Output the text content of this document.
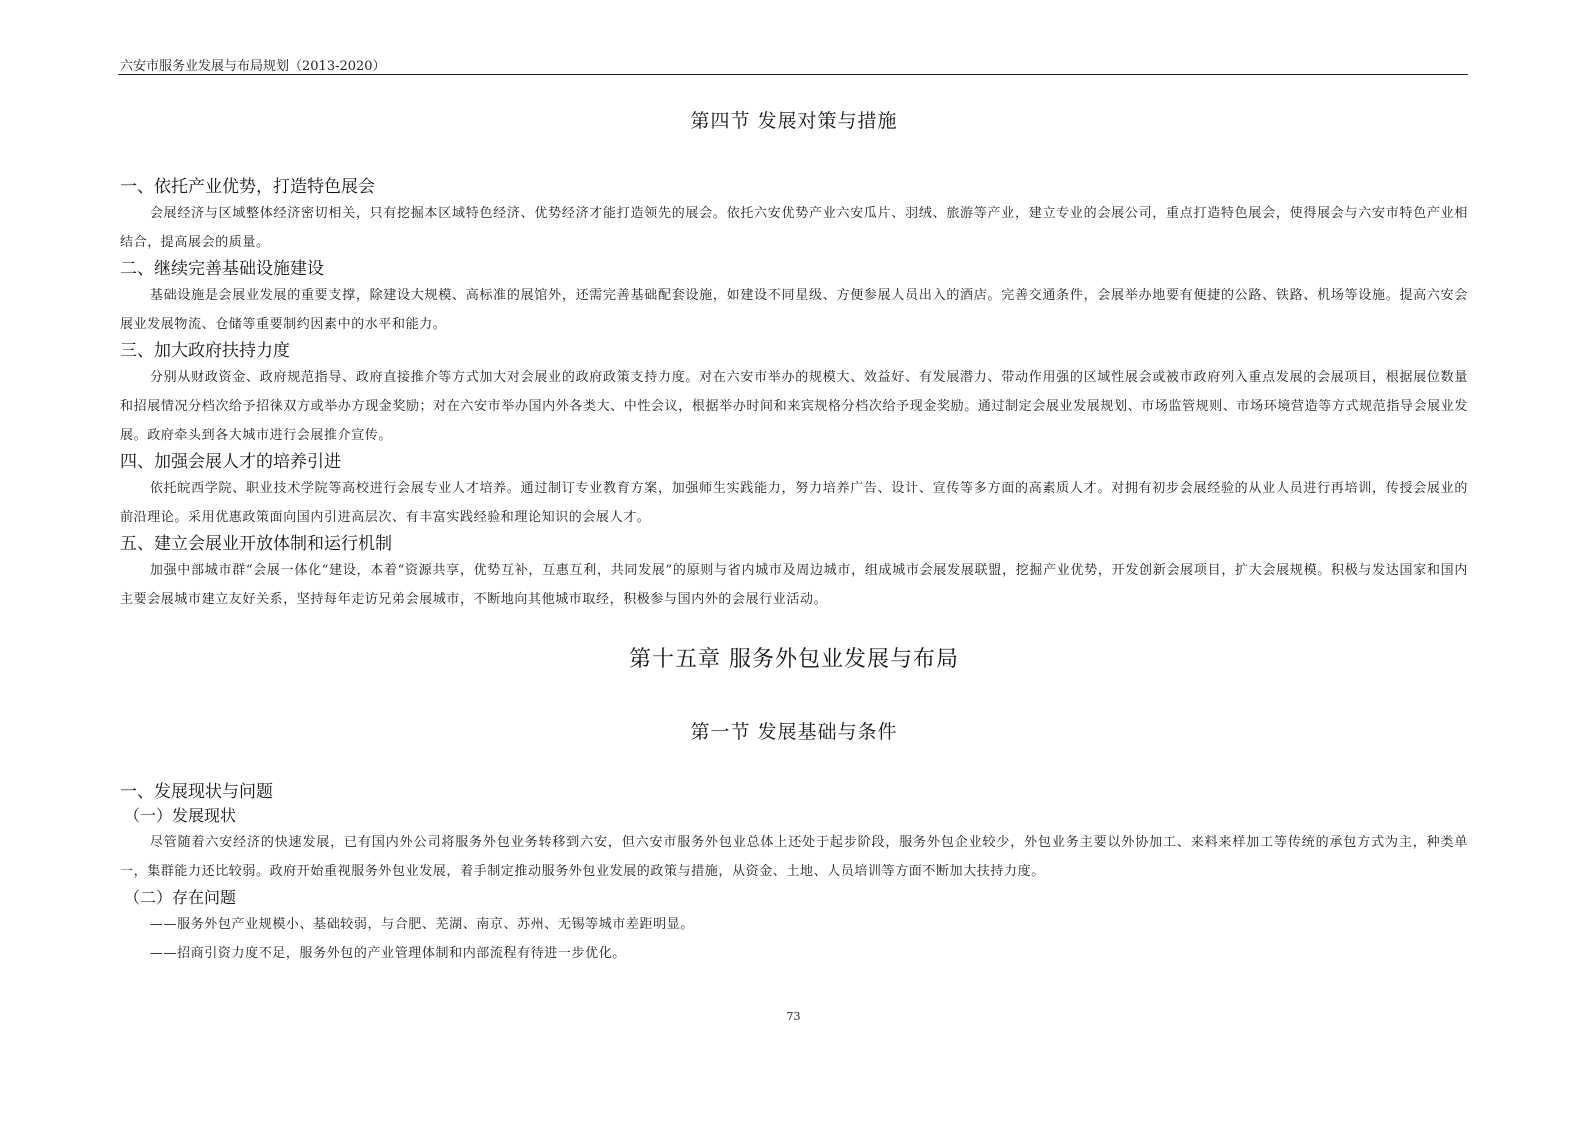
六安市服务业发展与布局规划（2013-2020）
第四节 发展对策与措施
一、依托产业优势，打造特色展会
会展经济与区域整体经济密切相关，只有挖掘本区域特色经济、优势经济才能打造领先的展会。依托六安优势产业六安瓜片、羽绒、旅游等产业，建立专业的会展公司，重点打造特色展会，使得展会与六安市特色产业相结合，提高展会的质量。
二、继续完善基础设施建设
基础设施是会展业发展的重要支撑，除建设大规模、高标准的展馆外，还需完善基础配套设施，如建设不同星级、方便参展人员出入的酒店。完善交通条件，会展举办地要有便捷的公路、铁路、机场等设施。提高六安会展业发展物流、仓储等重要制约因素中的水平和能力。
三、加大政府扶持力度
分别从财政资金、政府规范指导、政府直接推介等方式加大对会展业的政府政策支持力度。对在六安市举办的规模大、效益好、有发展潜力、带动作用强的区域性展会或被市政府列入重点发展的会展项目，根据展位数量和招展情况分档次给予招徕双方或举办方现金奖励；对在六安市举办国内外各类大、中性会议，根据举办时间和来宾规格分档次给予现金奖励。通过制定会展业发展规划、市场监管规则、市场环境营造等方式规范指导会展业发展。政府牵头到各大城市进行会展推介宣传。
四、加强会展人才的培养引进
依托皖西学院、职业技术学院等高校进行会展专业人才培养。通过制订专业教育方案，加强师生实践能力，努力培养广告、设计、宣传等多方面的高素质人才。对拥有初步会展经验的从业人员进行再培训，传授会展业的前沿理论。采用优惠政策面向国内引进高层次、有丰富实践经验和理论知识的会展人才。
五、建立会展业开放体制和运行机制
加强中部城市群“会展一体化“建设，本着“资源共享，优势互补，互惠互利，共同发展”的原则与省内城市及周边城市，组成城市会展发展联盟，挖掘产业优势，开发创新会展项目，扩大会展规模。积极与发达国家和国内主要会展城市建立友好关系，坚持每年走访兄弟会展城市，不断地向其他城市取经，积极参与国内外的会展行业活动。
第十五章 服务外包业发展与布局
第一节 发展基础与条件
一、发展现状与问题
（一）发展现状
尽管随着六安经济的快速发展，已有国内外公司将服务外包业务转移到六安，但六安市服务外包业总体上还处于起步阶段，服务外包企业较少，外包业务主要以外协加工、来料来样加工等传统的承包方式为主，种类单一，集群能力还比较弱。政府开始重视服务外包业发展，着手制定推动服务外包业发展的政策与措施，从资金、土地、人员培训等方面不断加大扶持力度。
（二）存在问题
——服务外包产业规模小、基础较弱，与合肥、芜湖、南京、苏州、无锡等城市差距明显。
——招商引资力度不足，服务外包的产业管理体制和内部流程有待进一步优化。
73
